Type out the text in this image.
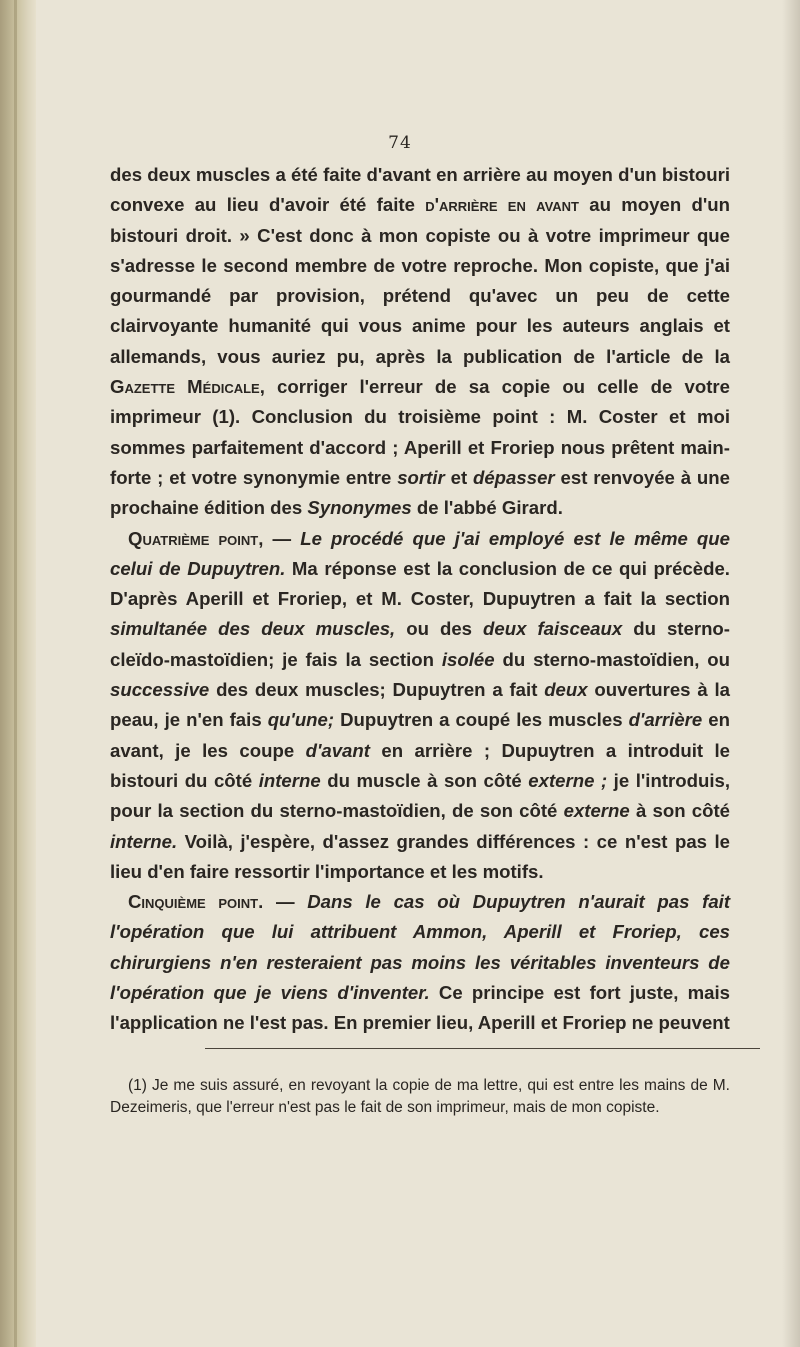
74

des deux muscles a été faite d'avant en arrière au moyen d'un bistouri convexe au lieu d'avoir été faite d'arrière en avant au moyen d'un bistouri droit. » C'est donc à mon copiste ou à votre imprimeur que s'adresse le second membre de votre reproche. Mon copiste, que j'ai gourmandé par provision, prétend qu'avec un peu de cette clairvoyante humanité qui vous anime pour les auteurs anglais et allemands, vous auriez pu, après la publication de l'article de la Gazette Médicale, corriger l'erreur de sa copie ou celle de votre imprimeur (1). Conclusion du troisième point : M. Coster et moi sommes parfaitement d'accord ; Aperill et Froriep nous prêtent main-forte ; et votre synonymie entre sortir et dépasser est renvoyée à une prochaine édition des Synonymes de l'abbé Girard.

Quatrième point, — Le procédé que j'ai employé est le même que celui de Dupuytren. Ma réponse est la conclusion de ce qui précède. D'après Aperill et Froriep, et M. Coster, Dupuytren a fait la section simultanée des deux muscles, ou des deux faisceaux du sterno-cleïdo-mastoïdien; je fais la section isolée du sterno-mastoïdien, ou successive des deux muscles; Dupuytren a fait deux ouvertures à la peau, je n'en fais qu'une; Dupuytren a coupé les muscles d'arrière en avant, je les coupe d'avant en arrière ; Dupuytren a introduit le bistouri du côté interne du muscle à son côté externe ; je l'introduis, pour la section du sterno-mastoïdien, de son côté externe à son côté interne. Voilà, j'espère, d'assez grandes différences : ce n'est pas le lieu d'en faire ressortir l'importance et les motifs.

Cinquième point. — Dans le cas où Dupuytren n'aurait pas fait l'opération que lui attribuent Ammon, Aperill et Froriep, ces chirurgiens n'en resteraient pas moins les véritables inventeurs de l'opération que je viens d'inventer. Ce principe est fort juste, mais l'application ne l'est pas. En premier lieu, Aperill et Froriep ne peuvent

(1) Je me suis assuré, en revoyant la copie de ma lettre, qui est entre les mains de M. Dezeimeris, que l'erreur n'est pas le fait de son imprimeur, mais de mon copiste.
